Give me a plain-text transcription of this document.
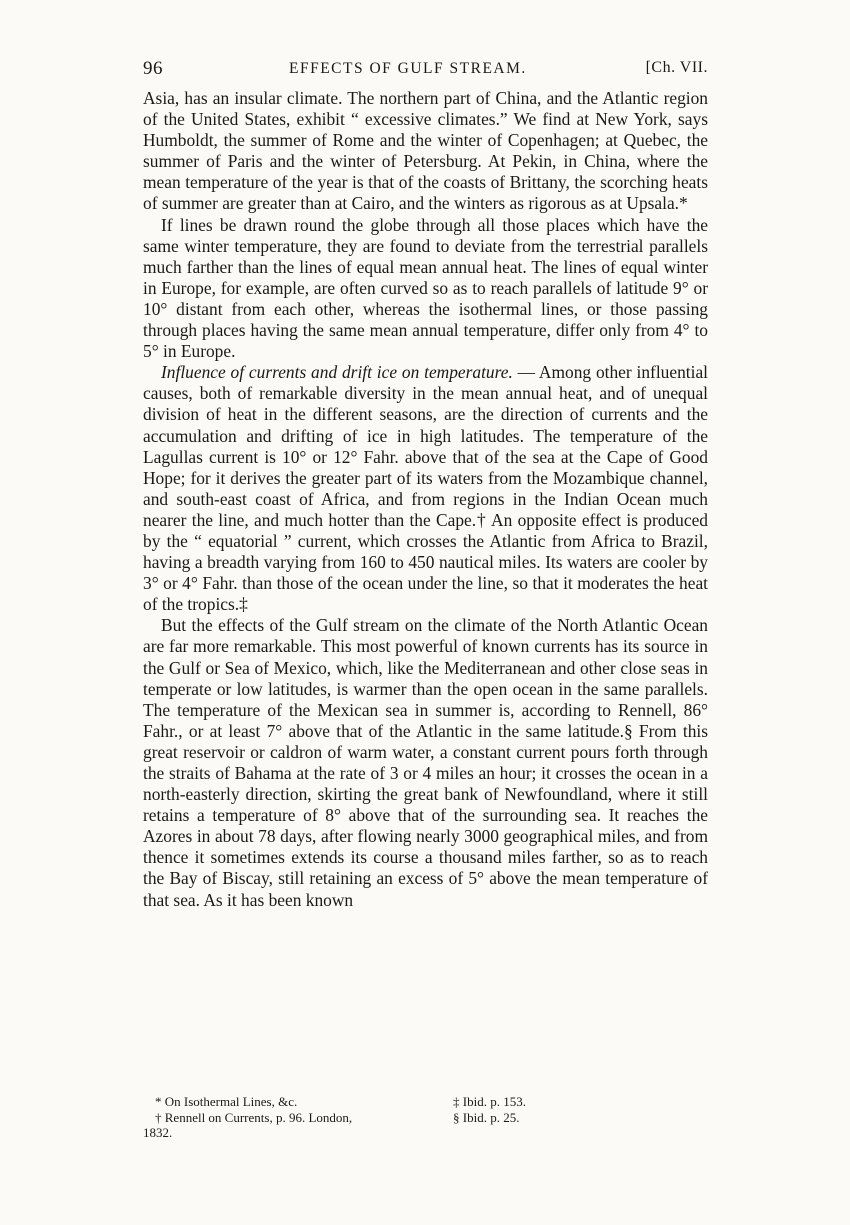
96	EFFECTS OF GULF STREAM.	[Ch. VII.

Asia, has an insular climate. The northern part of China, and the Atlantic region of the United States, exhibit “ excessive climates.” We find at New York, says Humboldt, the summer of Rome and the winter of Copenhagen; at Quebec, the summer of Paris and the winter of Petersburg. At Pekin, in China, where the mean temperature of the year is that of the coasts of Brittany, the scorching heats of summer are greater than at Cairo, and the winters as rigorous as at Upsala.*

If lines be drawn round the globe through all those places which have the same winter temperature, they are found to deviate from the terrestrial parallels much farther than the lines of equal mean annual heat. The lines of equal winter in Europe, for example, are often curved so as to reach parallels of latitude 9° or 10° distant from each other, whereas the isothermal lines, or those passing through places having the same mean annual temperature, differ only from 4° to 5° in Europe.

Influence of currents and drift ice on temperature. — Among other influential causes, both of remarkable diversity in the mean annual heat, and of unequal division of heat in the different seasons, are the direction of currents and the accumulation and drifting of ice in high latitudes. The temperature of the Lagullas current is 10° or 12° Fahr. above that of the sea at the Cape of Good Hope; for it derives the greater part of its waters from the Mozambique channel, and south-east coast of Africa, and from regions in the Indian Ocean much nearer the line, and much hotter than the Cape.† An opposite effect is produced by the “ equatorial ” current, which crosses the Atlantic from Africa to Brazil, having a breadth varying from 160 to 450 nautical miles. Its waters are cooler by 3° or 4° Fahr. than those of the ocean under the line, so that it moderates the heat of the tropics.‡

But the effects of the Gulf stream on the climate of the North Atlantic Ocean are far more remarkable. This most powerful of known currents has its source in the Gulf or Sea of Mexico, which, like the Mediterranean and other close seas in temperate or low latitudes, is warmer than the open ocean in the same parallels. The temperature of the Mexican sea in summer is, according to Rennell, 86° Fahr., or at least 7° above that of the Atlantic in the same latitude.§ From this great reservoir or caldron of warm water, a constant current pours forth through the straits of Bahama at the rate of 3 or 4 miles an hour; it crosses the ocean in a north-easterly direction, skirting the great bank of Newfoundland, where it still retains a temperature of 8° above that of the surrounding sea. It reaches the Azores in about 78 days, after flowing nearly 3000 geographical miles, and from thence it sometimes extends its course a thousand miles farther, so as to reach the Bay of Biscay, still retaining an excess of 5° above the mean temperature of that sea. As it has been known

* On Isothermal Lines, &c.
† Rennell on Currents, p. 96. London,
1832.
‡ Ibid. p. 153.
§ Ibid. p. 25.
